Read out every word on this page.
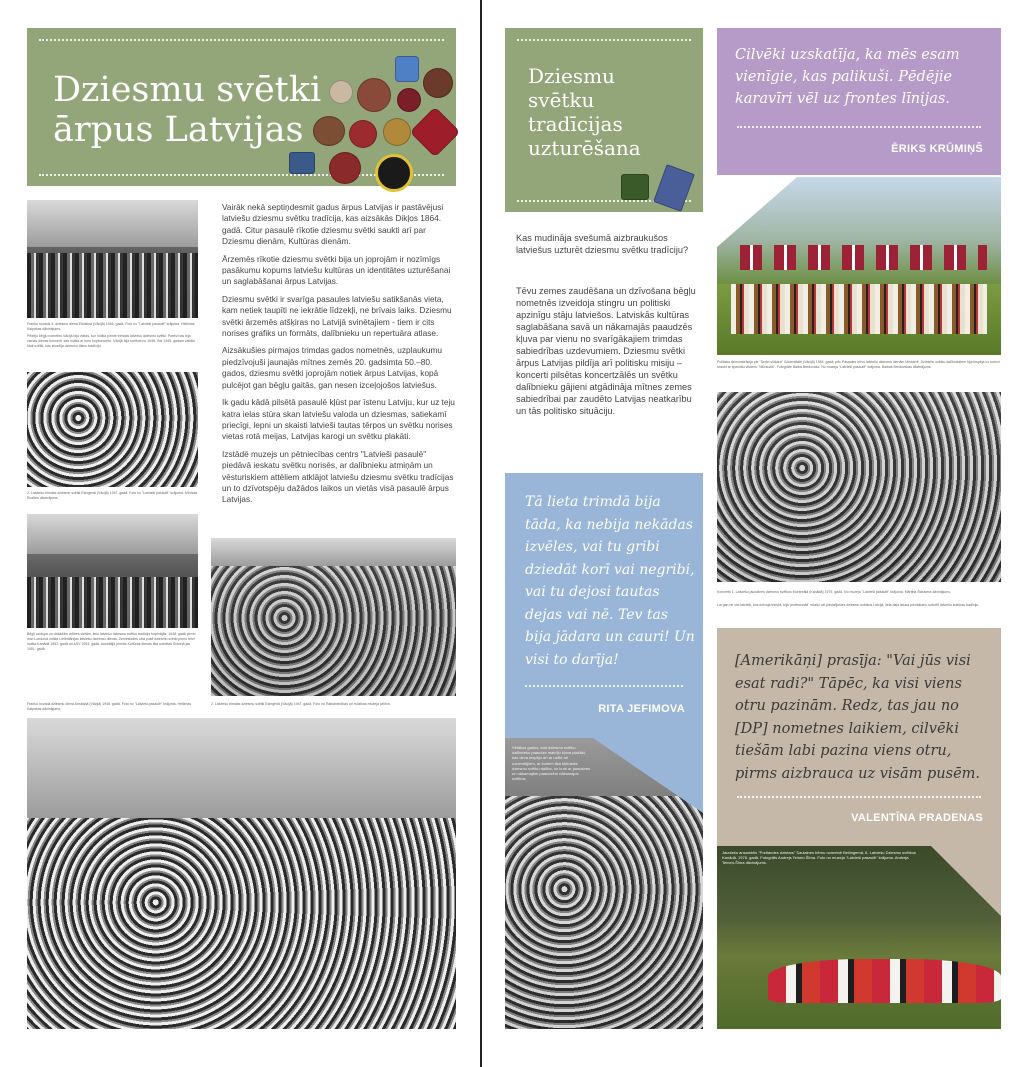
Dziesmu svētki ārpus Latvijas
Franku novada 4. dziesmu diena Ellofsinā (Vācijā) 1946. gadā. Foto no "Latvieši pasaulē" krājuma. Heilimas Kalpakas dāvinājums.
Pēdējo bēgļu nometņu Vācijā bija vietas, kur notika pirmie trimdas latviešu dziesmu svētki. Pareizi tas bija vienas dienas koncerti, kas notika ar koru kopkoncertu. Vācijā bija sarīkoti no 1946. līdz 1949. gadam vairāki šādi svētki, kas ievadīja dziesmu dienu tradīciju.
2. Latviešu trimdas dziesmu svētki Esingenā (Vācijā) 1947. gadā. Foto no "Latvieši pasaulē" krājuma. Mirdzas Rozītes dāvinājums.

Vairāk nekā septiņdesmit gadus ārpus Latvijas ir pastāvējusi latviešu dziesmu svētku tradīcija, kas aizsākās Dikļos 1864. gadā. Citur pasaulē rīkotie dziesmu svētki saukti arī par Dziesmu dienām, Kultūras dienām.

Ārzemēs rīkotie dziesmu svētki bija un joprojām ir nozīmīgs pasākumu kopums latviešu kultūras un identitātes uzturēšanai un saglabāšanai ārpus Latvijas.

Dziesmu svētki ir svarīga pasaules latviešu satikšanās vieta, kam netiek taupīti ne iekrātie līdzekļi, ne brīvais laiks. Dziesmu svētki ārzemēs atšķiras no Latvijā svinētajiem - tiem ir cits norises grafiks un formāts, dalībnieku un repertuāra atlase.

Aizsākušies pirmajos trimdas gados nometnēs, uzplaukumu piedzīvojuši jaunajās mītnes zemēs 20. gadsimta 50.–80. gados, dziesmu svētki joprojām notiek ārpus Latvijas, kopā pulcējot gan bēgļu gaitās, gan nesen izceļojošos latviešus.

Ik gadu kādā pilsētā pasaulē kļūst par īstenu Latviju, kur uz teju katra ielas stūra skan latviešu valoda un dziesmas, satiekamī priecīgi, lepni un skaisti latvieši tautas tērpos un svētku norises vietas rotā meijas, Latvijas karogi un svētku plakāti.

Izstādē muzejs un pētniecības centrs "Latvieši pasaulē" piedāvā ieskatu svētku norisēs, ar dalībnieku atmiņām un vēsturiskiem attēliem atklājot latviešu dziesmu svētku tradīcijas un to dzīvotspēju dažādos laikos un vietās visā pasaulē ārpus Latvijas.

Bēgļi ozolspa un dažādām mītnes vietām, lielu latviešu dziesmu svētku tradīcija turpinājās. 1948. gadā pirmo reizi Londonā notika Lielbritānijas latviešu dziesmu dienas. Zemeslodes otrā pusē dziesmu svētki pirmo reizi notika Kanādā 1952. gadā un ASV 1953. gadā. Austrālijā pirmās Kultūras dienas tika svinētas Sidnejā jau 1951. gadā.
Franku novada dziesmu diena Ansbahā (Vācijā) 1946. gadā. Foto no "Latvieši pasaulē" krājuma. Heilimas Kalpakas dāvinājums.
2. Latviešu trimdas dziesmu svētki Esingenā (Vācijā) 1947. gadā. Foto no Rakstniecības un mūzikas muzeja arhīva.
Dziesmu svētku tradīcijas uzturēšana
Kas mudināja svešumā aizbraukušos latviešus uzturēt dziesmu svētku tradīciju?
Tēvu zemes zaudēšana un dzīvošana bēgļu nometnēs izveidoja stingru un politiski apzinīgu stāju latviešos. Latviskās kultūras saglabāšana savā un nākamajās paaudzēs kļuva par vienu no svarīgākajiem trimdas sabiedrības uzdevumiem. Dziesmu svētki ārpus Latvijas pildīja arī politisku misiju – koncerti pilsētas koncertzālēs un svētku dalībnieku gājieni atgādināja mītnes zemes sabiedrībai par zaudēto Latvijas neatkarību un tās politisko situāciju.
Cilvēki uzskatīja, ka mēs esam vienīgie, kas palikuši. Pēdējie karavīri vēl uz frontes līnijas.
ĒRIKS KRŪMIŅŠ
Politiska demonstrācija pie "Sedzi slūkara" Gödenštatē (Vācijā) 1984. gadā, pēc Pasaules brīvo latviešu dziesmu dienām Minsterē. Dziesmu svētku dalībniekiem bija iespēja uz turieni braukt ar speciālu vilcienu "Mūrauzis". Fotogrāfe Baiba Bredovska. No muzeja "Latvieši pasaulē" krājuma. Baibas Bredovskas dāvinājums.
Koncerts 1. Latviešu jaunatnes dziesmu svētkos Montreālā (Kanādā) 1975. gadā. No muzeja "Latvieši pasaulē" krājuma. Mārtiņa Štauvera dāvinājums.
Lai gan ne visi latvieši, kas dzīvoja trimdā, bija 'profesionāli' mūziķi vai piedalījušies dziesmu svētkos Latvijā, liela daļa iztuka pienākumu uzturēt latviešu kultūras tradīciju.
Tā lieta trimdā bija tāda, ka nebija nekādas izvēles, vai tu gribi dziedāt korī vai negribi, vai tu dejosi tautas dejas vai nē. Tev tas bija jādara un cauri! Un visi to darīja!
RITA JEFIMOVA
Vēlākos gados, kad dziesmu svētku dalībnieku paaudze mainīju kļuva plašāki, kas deva iespēju arī ar uzlikt arī uzņemtājiem, ar kuriem tika šķīrusies dziesmu svētku dalība, un kurš ar jaunatnes un nākamajām paaudzēm nākamajos svētkos.
[Amerikāņi] prasīja: "Vai jūs visi esat radi?" Tāpēc, ka visi viens otru pazinām. Redz, tas jau no [DP] nometnes laikiem, cilvēki tiešām labi pazina viens otru, pirms aizbrauca uz visām pusēm.
VALENTĪNA PRADENAS
Jauniešu ansamblis "Portlandes dzintars" Saulaines bērnu nometnē Bellingemā, 6. Latviešu Dziesmu svētkos Kanādā. 1976. gadā. Fotogrāfs Andrejs Teineņ-Šīma. Foto no muzeja "Latvieši pasaulē" krājuma. Andreja Teineņ-Šīma dāvinājums.
